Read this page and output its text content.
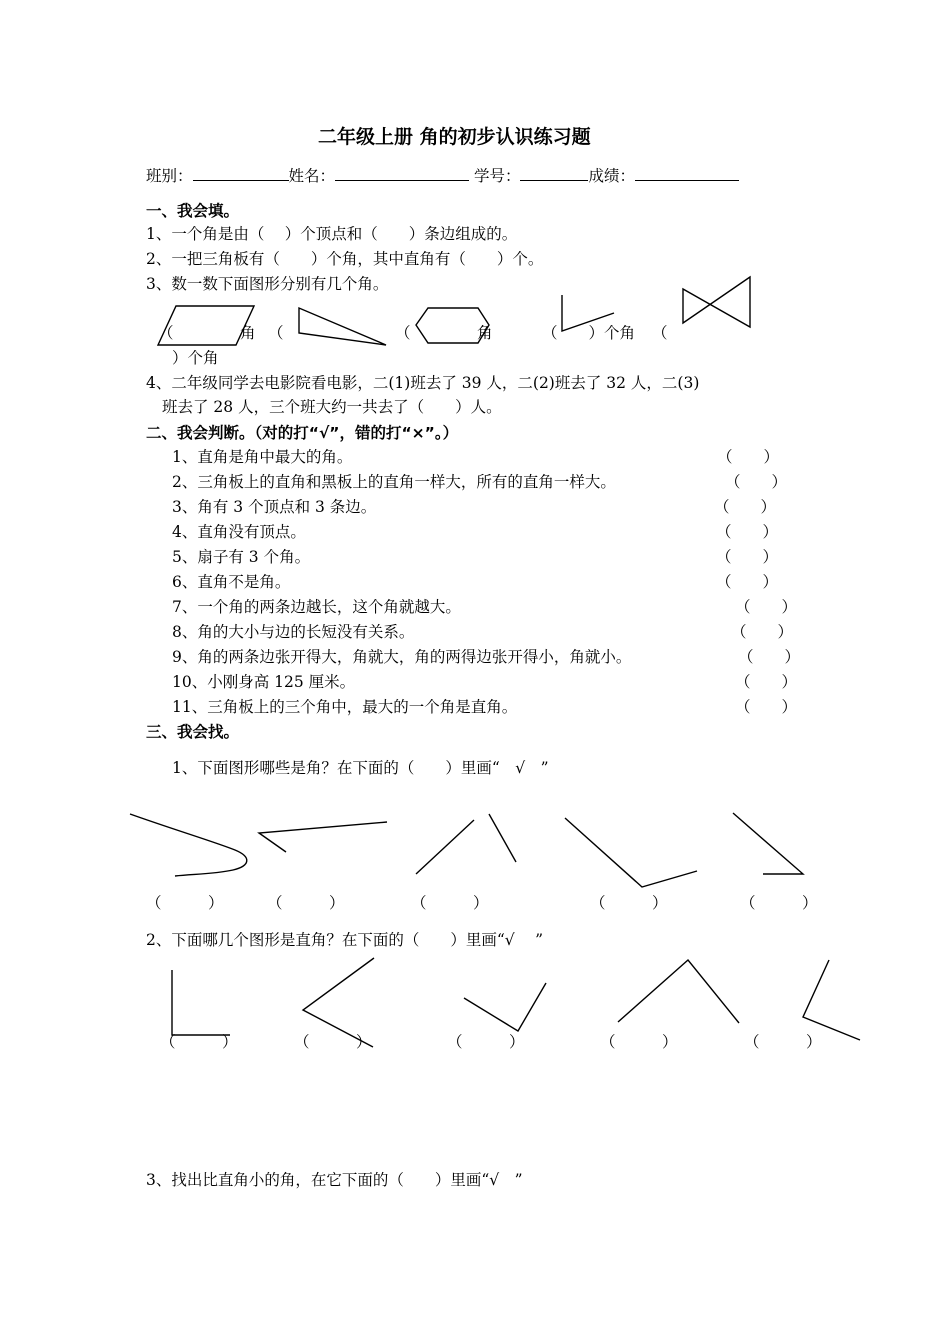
二年级上册 角的初步认识练习题
班别：	姓名：	学号：	成绩：
一、我会填。
1、一个角是由（　 ）个顶点和（　　）条边组成的。
2、一把三角板有（　　）个角，其中直角有（　　）个。
3、数一数下面图形分别有几个角。
（	角 （	（	角	（　　）个角 （
）个角
4、二年级同学去电影院看电影，二(1)班去了 39 人，二(2)班去了 32 人，二(3)
班去了 28 人，三个班大约一共去了（　　）人。
二、我会判断。（对的打“√”，错的打“×”。）
1、直角是角中最大的角。	（　　）
2、三角板上的直角和黑板上的直角一样大，所有的直角一样大。	（　　）
3、角有 3 个顶点和 3 条边。	（　　）
4、直角没有顶点。	（　　）
5、扇子有 3 个角。	（　　）
6、直角不是角。	（　　）
7、一个角的两条边越长，这个角就越大。	（　　）
8、角的大小与边的长短没有关系。	（　　）
9、角的两条边张开得大，角就大，角的两得边张开得小，角就小。	（　　）
10、小刚身高 125 厘米。	（　　）
11、三角板上的三个角中，最大的一个角是直角。	（　　）
三、我会找。
1、下面图形哪些是角？在下面的（　　）里画“　√　”
（　　　）	（　　　）	（　　　）	（　　　）	（　　　）
2、下面哪几个图形是直角？在下面的（　　）里画“√　 ”
（　　　）	（　　　）	（　　　）	（　　　）	（　　　）
3、找出比直角小的角，在它下面的（　　）里画“√　”
